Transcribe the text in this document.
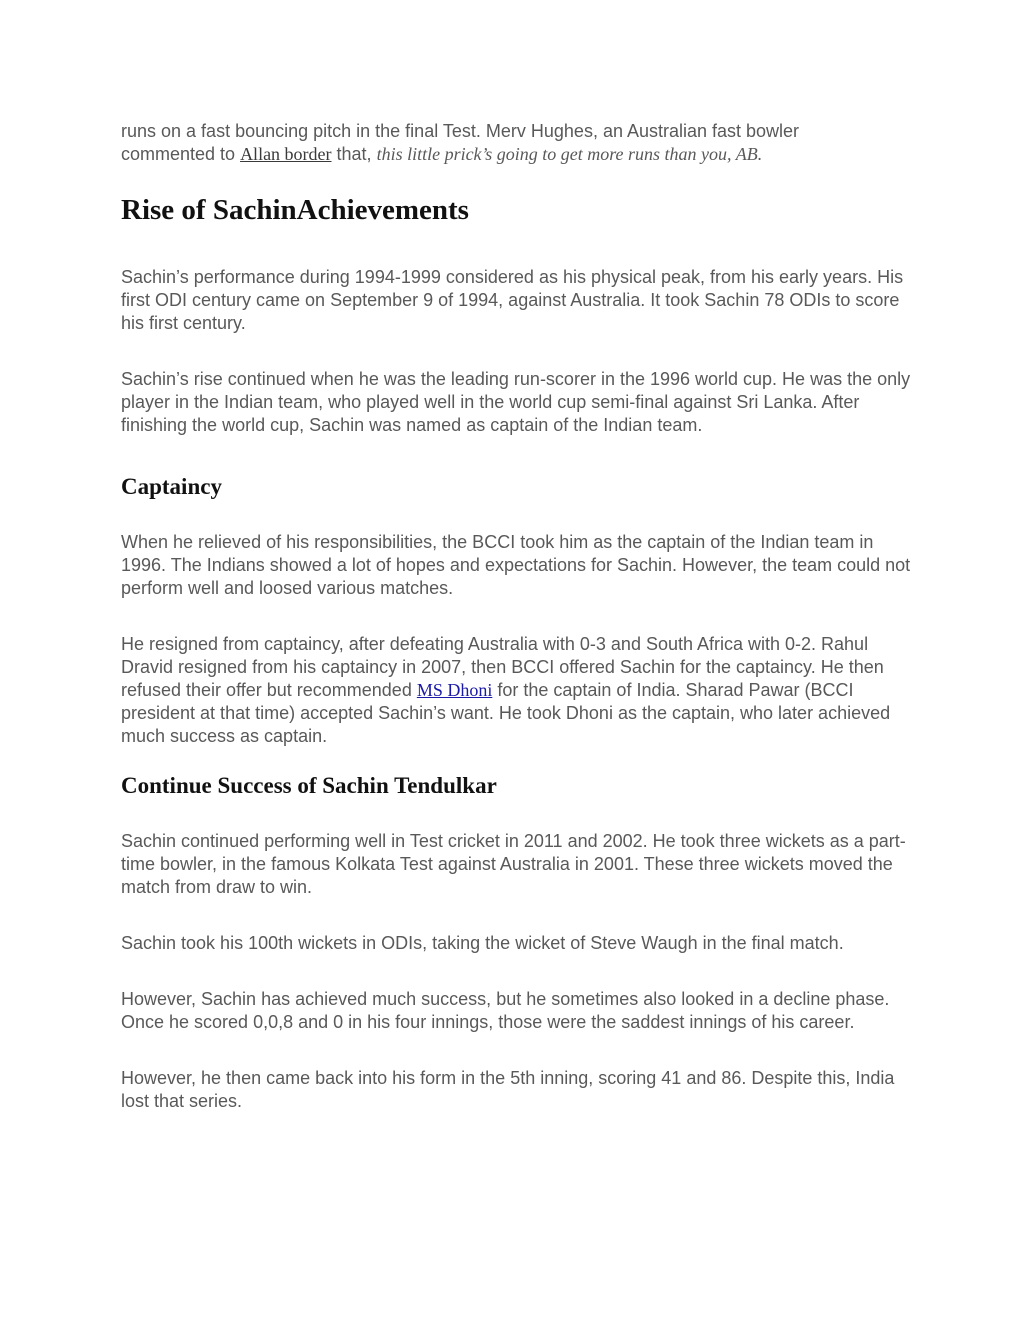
runs on a fast bouncing pitch in the final Test. Merv Hughes, an Australian fast bowler
commented to Allan border that, this little prick’s going to get more runs than you, AB.

Rise of SachinAchievements

Sachin’s performance during 1994-1999 considered as his physical peak, from his early years. His first ODI century came on September 9 of 1994, against Australia. It took Sachin 78 ODIs to score his first century.

Sachin’s rise continued when he was the leading run-scorer in the 1996 world cup. He was the only player in the Indian team, who played well in the world cup semi-final against Sri Lanka. After finishing the world cup, Sachin was named as captain of the Indian team.

Captaincy

When he relieved of his responsibilities, the BCCI took him as the captain of the Indian team in 1996. The Indians showed a lot of hopes and expectations for Sachin. However, the team could not perform well and loosed various matches.

He resigned from captaincy, after defeating Australia with 0-3 and South Africa with 0-2. Rahul Dravid resigned from his captaincy in 2007, then BCCI offered Sachin for the captaincy. He then refused their offer but recommended MS Dhoni for the captain of India. Sharad Pawar (BCCI president at that time) accepted Sachin’s want. He took Dhoni as the captain, who later achieved much success as captain.

Continue Success of Sachin Tendulkar

Sachin continued performing well in Test cricket in 2011 and 2002. He took three wickets as a part-time bowler, in the famous Kolkata Test against Australia in 2001. These three wickets moved the match from draw to win.

Sachin took his 100th wickets in ODIs, taking the wicket of Steve Waugh in the final match.

However, Sachin has achieved much success, but he sometimes also looked in a decline phase. Once he scored 0,0,8 and 0 in his four innings, those were the saddest innings of his career.

However, he then came back into his form in the 5th inning, scoring 41 and 86. Despite this, India lost that series.
